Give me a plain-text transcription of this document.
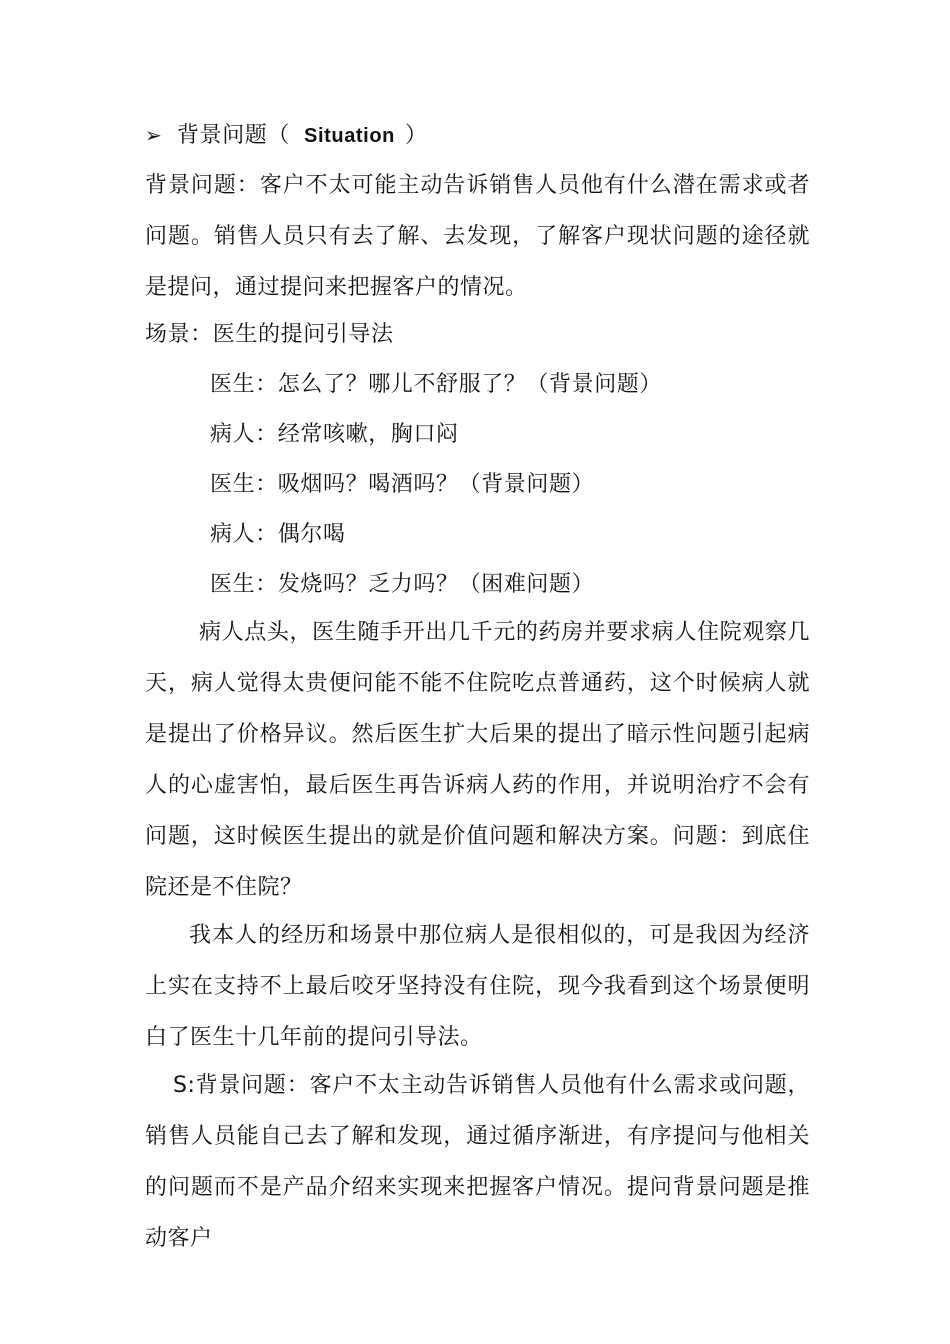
➢ 背景问题（ Situation ）
背景问题：客户不太可能主动告诉销售人员他有什么潜在需求或者问题。销售人员只有去了解、去发现，了解客户现状问题的途径就是提问，通过提问来把握客户的情况。
场景：医生的提问引导法
医生：怎么了？哪儿不舒服了？（背景问题）
病人：经常咳嗽，胸口闷
医生：吸烟吗？喝酒吗？（背景问题）
病人：偶尔喝
医生：发烧吗？乏力吗？（困难问题）
病人点头，医生随手开出几千元的药房并要求病人住院观察几天，病人觉得太贵便问能不能不住院吃点普通药，这个时候病人就是提出了价格异议。然后医生扩大后果的提出了暗示性问题引起病人的心虚害怕，最后医生再告诉病人药的作用，并说明治疗不会有问题，这时候医生提出的就是价值问题和解决方案。问题：到底住院还是不住院？
我本人的经历和场景中那位病人是很相似的，可是我因为经济上实在支持不上最后咬牙坚持没有住院，现今我看到这个场景便明白了医生十几年前的提问引导法。
S:背景问题：客户不太主动告诉销售人员他有什么需求或问题，销售人员能自己去了解和发现，通过循序渐进，有序提问与他相关的问题而不是产品介绍来实现来把握客户情况。提问背景问题是推动客户
